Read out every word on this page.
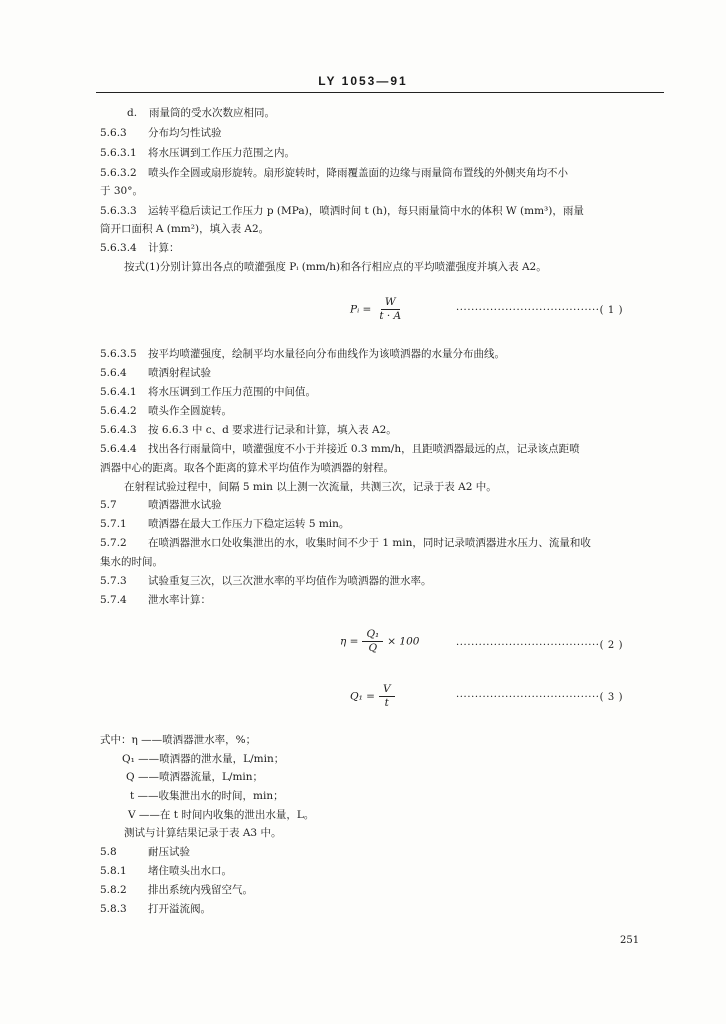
LY 1053—91
d. 雨量筒的受水次数应相同。
5.6.3 分布均匀性试验
5.6.3.1 将水压调到工作压力范围之内。
5.6.3.2 喷头作全圆或扇形旋转。扇形旋转时，降雨覆盖面的边缘与雨量筒布置线的外侧夹角均不小
于 30°。
5.6.3.3 运转平稳后读记工作压力 p (MPa)，喷洒时间 t (h)，每只雨量筒中水的体积 W (mm³)，雨量
筒开口面积 A (mm²)，填入表 A2。
5.6.3.4 计算：
按式(1)分别计算出各点的喷灌强度 Pᵢ (mm/h)和各行相应点的平均喷灌强度并填入表 A2。
Pᵢ = $\frac{W}{t \cdot A}$	······································( 1 )
5.6.3.5 按平均喷灌强度，绘制平均水量径向分布曲线作为该喷洒器的水量分布曲线。
5.6.4 喷洒射程试验
5.6.4.1 将水压调到工作压力范围的中间值。
5.6.4.2 喷头作全圆旋转。
5.6.4.3 按 6.6.3 中 c、d 要求进行记录和计算，填入表 A2。
5.6.4.4 找出各行雨量筒中，喷灌强度不小于并接近 0.3 mm/h，且距喷洒器最远的点，记录该点距喷
洒器中心的距离。取各个距离的算术平均值作为喷洒器的射程。
在射程试验过程中，间隔 5 min 以上测一次流量，共测三次，记录于表 A2 中。
5.7	喷洒器泄水试验
5.7.1 喷洒器在最大工作压力下稳定运转 5 min。
5.7.2 在喷洒器泄水口处收集泄出的水，收集时间不少于 1 min，同时记录喷洒器进水压力、流量和收
集水的时间。
5.7.3 试验重复三次，以三次泄水率的平均值作为喷洒器的泄水率。
5.7.4 泄水率计算：
$\eta = \frac{\text{Q₁}}{Q} \times 100$	······································( 2 )
$Q_1 = \frac{V}{t}$	······································( 3 )
式中：η ——喷洒器泄水率，%；
Q₁ ——喷洒器的泄水量，L/min；
Q ——喷洒器流量，L/min；
t ——收集泄出水的时间，min；
V ——在 t 时间内收集的泄出水量，L。
测试与计算结果记录于表 A3 中。
5.8	耐压试验
5.8.1 堵住喷头出水口。
5.8.2 排出系统内残留空气。
5.8.3 打开溢流阀。
251
